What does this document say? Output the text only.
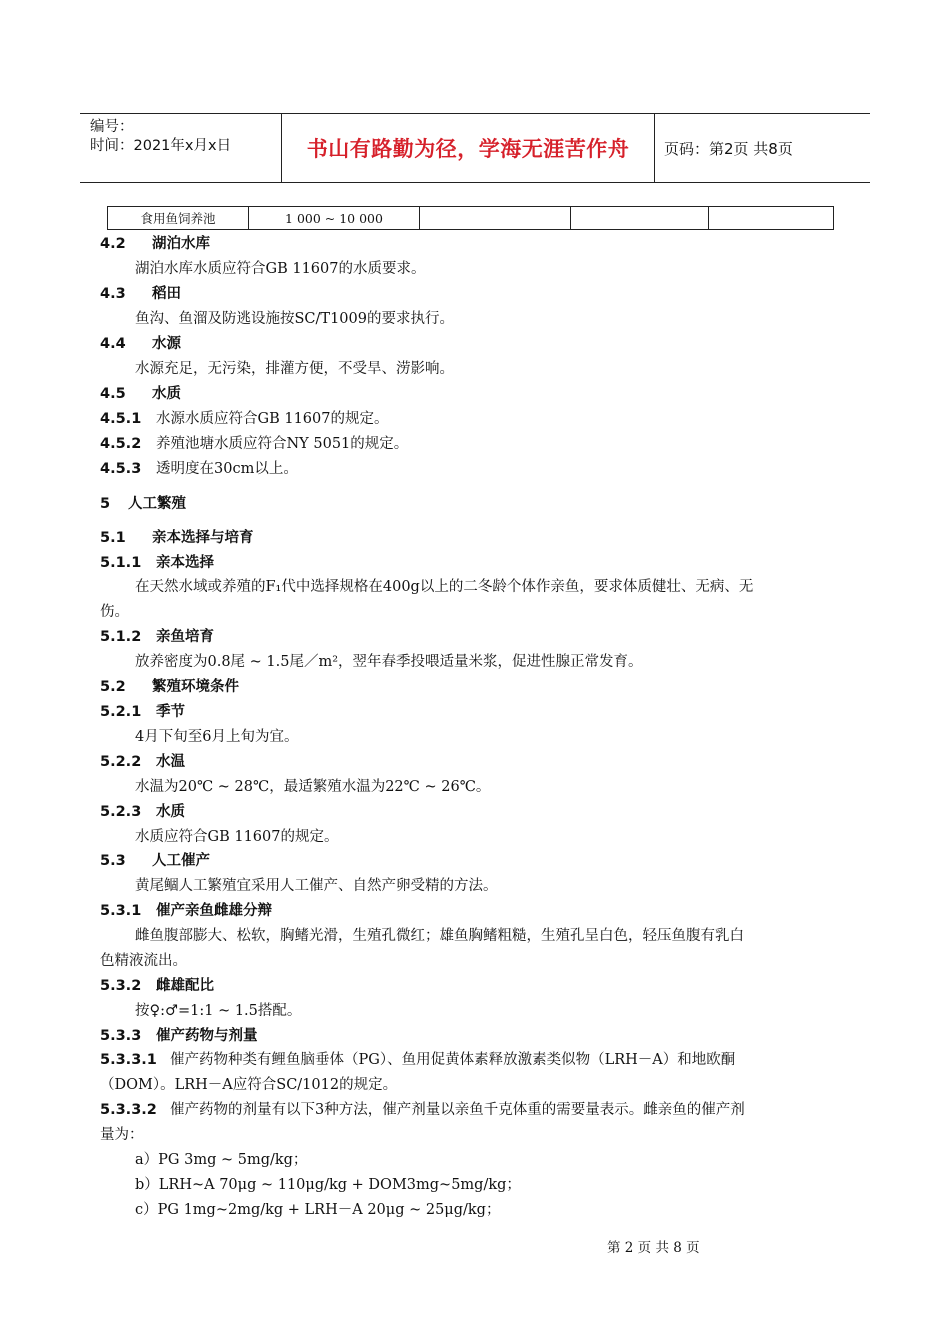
编号：
时间：2021年x月x日	书山有路勤为径，学海无涯苦作舟	页码：第2页 共8页
食用鱼饲养池	1 000 ~ 10 000			
4.2 湖泊水库
湖泊水库水质应符合GB 11607的水质要求。
4.3 稻田
鱼沟、鱼溜及防逃设施按SC/T1009的要求执行。
4.4 水源
水源充足，无污染，排灌方便，不受旱、涝影响。
4.5 水质
4.5.1 水源水质应符合GB 11607的规定。
4.5.2 养殖池塘水质应符合NY 5051的规定。
4.5.3 透明度在30cm以上。
5 人工繁殖
5.1 亲本选择与培育
5.1.1 亲本选择
在天然水域或养殖的F₁代中选择规格在400g以上的二冬龄个体作亲鱼，要求体质健壮、无病、无
伤。
5.1.2 亲鱼培育
放养密度为0.8尾 ~ 1.5尾／m²，翌年春季投喂适量米浆，促进性腺正常发育。
5.2 繁殖环境条件
5.2.1 季节
4月下旬至6月上旬为宜。
5.2.2 水温
水温为20℃ ~ 28℃，最适繁殖水温为22℃ ~ 26℃。
5.2.3 水质
水质应符合GB 11607的规定。
5.3 人工催产
黄尾鲴人工繁殖宜采用人工催产、自然产卵受精的方法。
5.3.1 催产亲鱼雌雄分辩
雌鱼腹部膨大、松软，胸鳍光滑，生殖孔微红；雄鱼胸鳍粗糙，生殖孔呈白色，轻压鱼腹有乳白
色精液流出。
5.3.2 雌雄配比
按♀:♂=1:1 ~ 1.5搭配。
5.3.3 催产药物与剂量
5.3.3.1 催产药物种类有鲤鱼脑垂体（PG）、鱼用促黄体素释放激素类似物（LRH－A）和地欧酮
（DOM）。LRH－A应符合SC/1012的规定。
5.3.3.2 催产药物的剂量有以下3种方法，催产剂量以亲鱼千克体重的需要量表示。雌亲鱼的催产剂
量为：
a）PG 3mg ~ 5mg/kg；
b）LRH~A 70μg ~ 110μg/kg + DOM3mg~5mg/kg；
c）PG 1mg~2mg/kg + LRH－A 20μg ~ 25μg/kg；
第 2 页 共 8 页
